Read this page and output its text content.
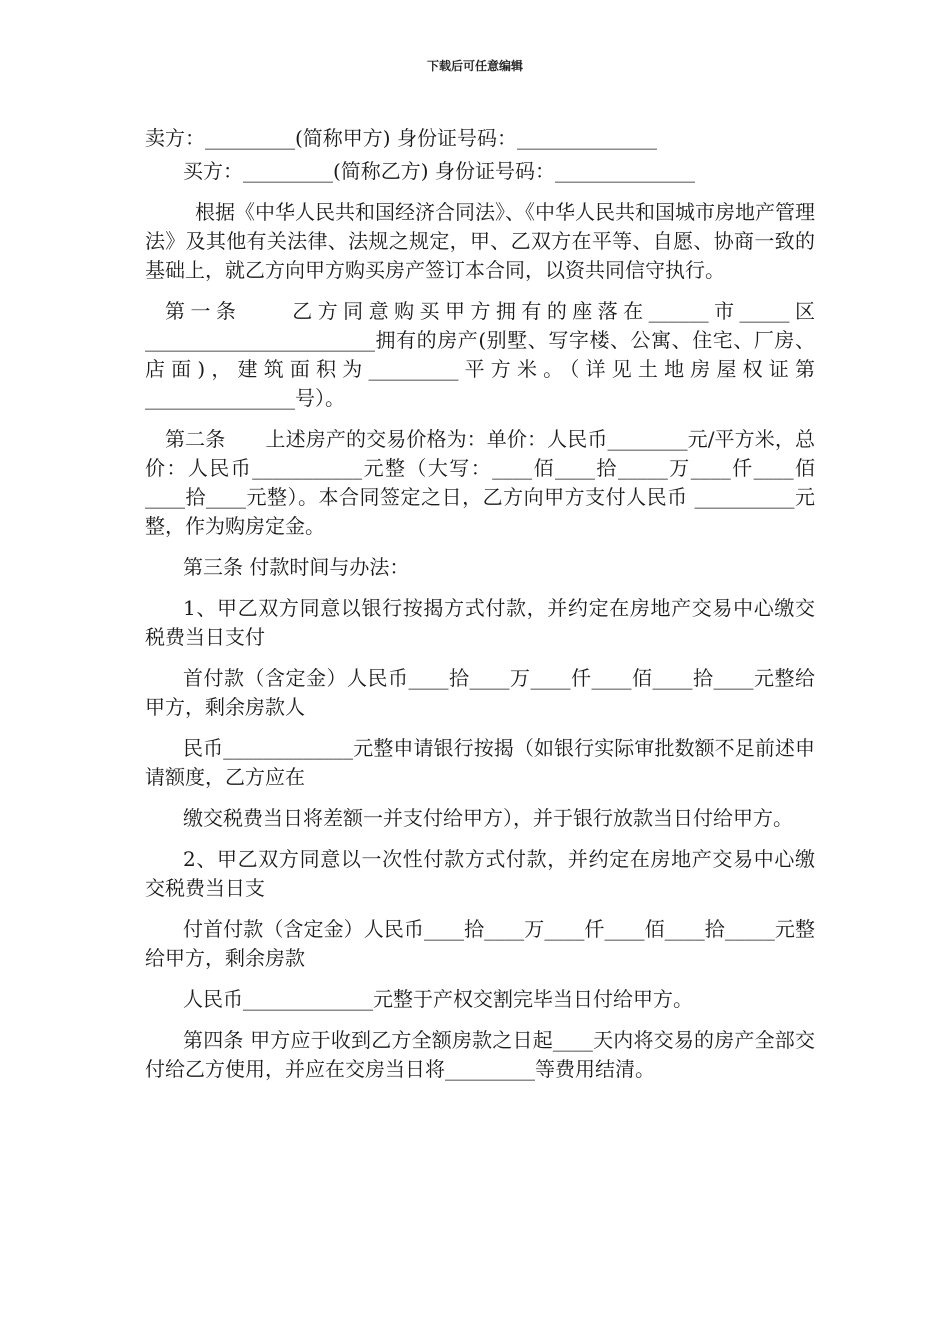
下载后可任意编辑

卖方：_________(简称甲方) 身份证号码：______________

买方：_________(简称乙方) 身份证号码：______________

根据《中华人民共和国经济合同法》、《中华人民共和国城市房地产管理法》及其他有关法律、法规之规定，甲、乙双方在平等、自愿、协商一致的基础上，就乙方向甲方购买房产签订本合同，以资共同信守执行。

第一条　　乙方同意购买甲方拥有的座落在______市_____区_______________________拥有的房产(别墅、写字楼、公寓、住宅、厂房、店面)，建筑面积为_________平方米。（详见土地房屋权证第_______________号）。

第二条　　上述房产的交易价格为：单价：人民币________元/平方米，总价：人民币___________元整（大写：____佰____拾_____万____仟____佰____拾____元整）。本合同签定之日，乙方向甲方支付人民币 __________元整，作为购房定金。

第三条 付款时间与办法：

1、甲乙双方同意以银行按揭方式付款，并约定在房地产交易中心缴交税费当日支付

首付款（含定金）人民币____拾____万____仟____佰____拾____元整给甲方，剩余房款人

民币_____________元整申请银行按揭（如银行实际审批数额不足前述申请额度，乙方应在

缴交税费当日将差额一并支付给甲方），并于银行放款当日付给甲方。

2、甲乙双方同意以一次性付款方式付款，并约定在房地产交易中心缴交税费当日支

付首付款（含定金）人民币____拾____万____仟____佰____拾_____元整给甲方，剩余房款

人民币_____________元整于产权交割完毕当日付给甲方。

第四条 甲方应于收到乙方全额房款之日起____天内将交易的房产全部交付给乙方使用，并应在交房当日将_________等费用结清。
